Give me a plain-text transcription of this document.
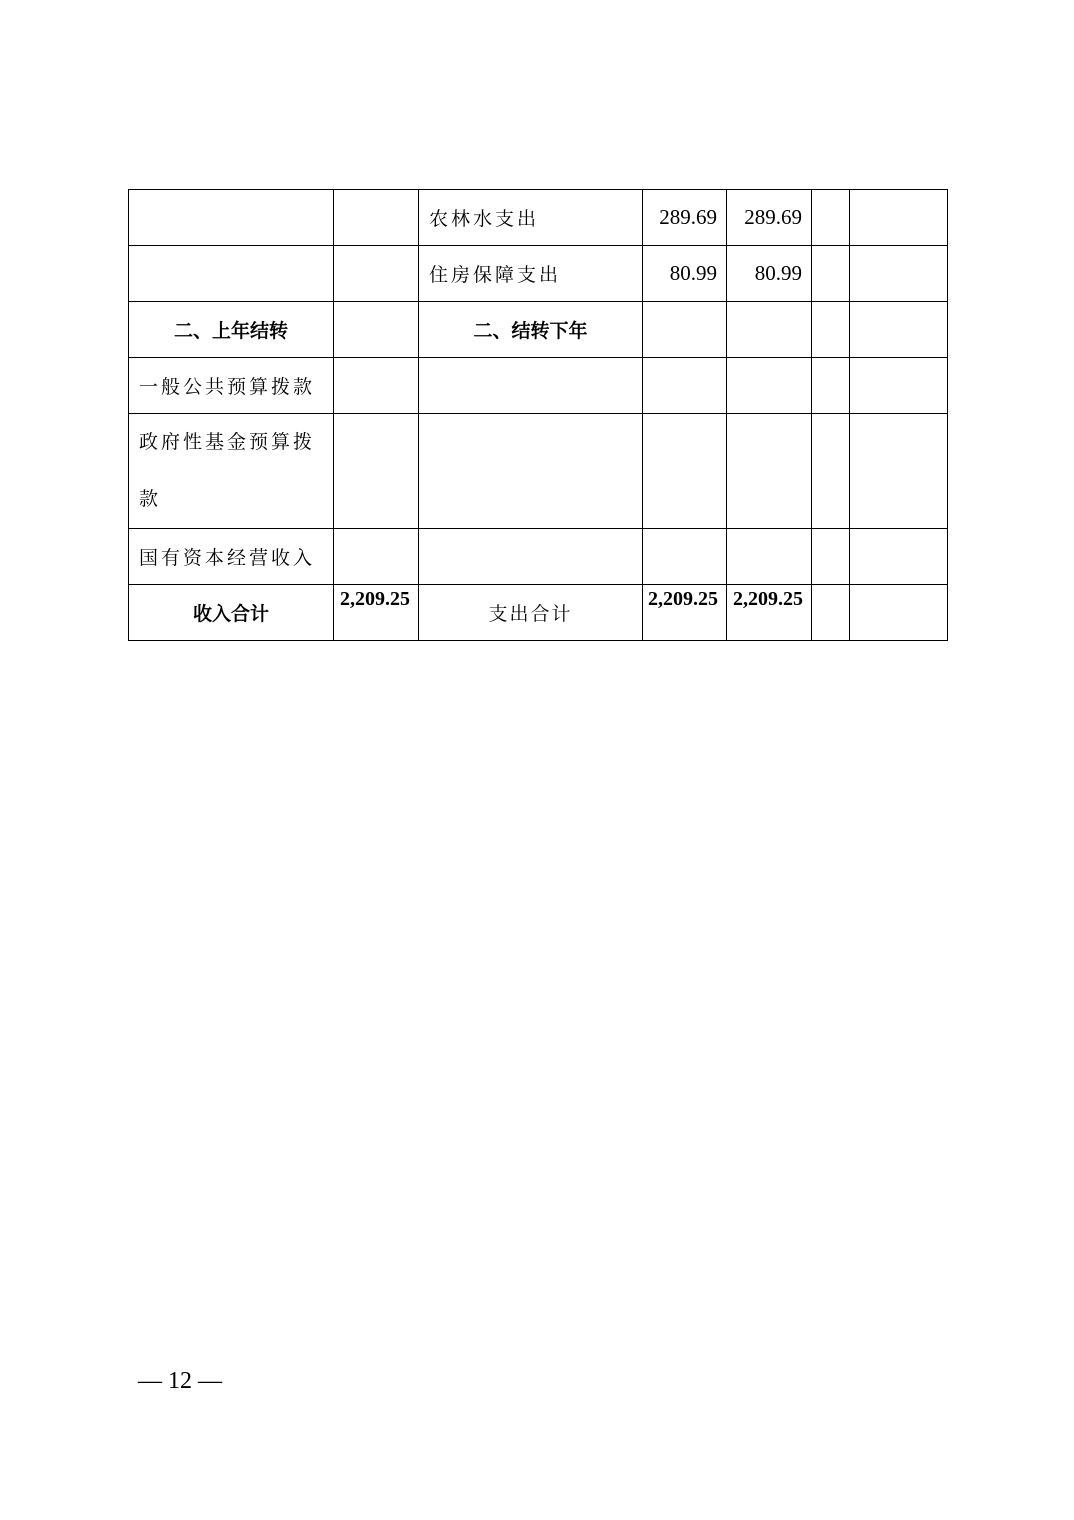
		农林水支出	289.69	289.69		
		住房保障支出	80.99	80.99		
二、上年结转		二、结转下年				
一般公共预算拨款						
政府性基金预算拨款						
国有资本经营收入						
收入合计	2,209.25	支出合计	2,209.25	2,209.25		
— 12 —
